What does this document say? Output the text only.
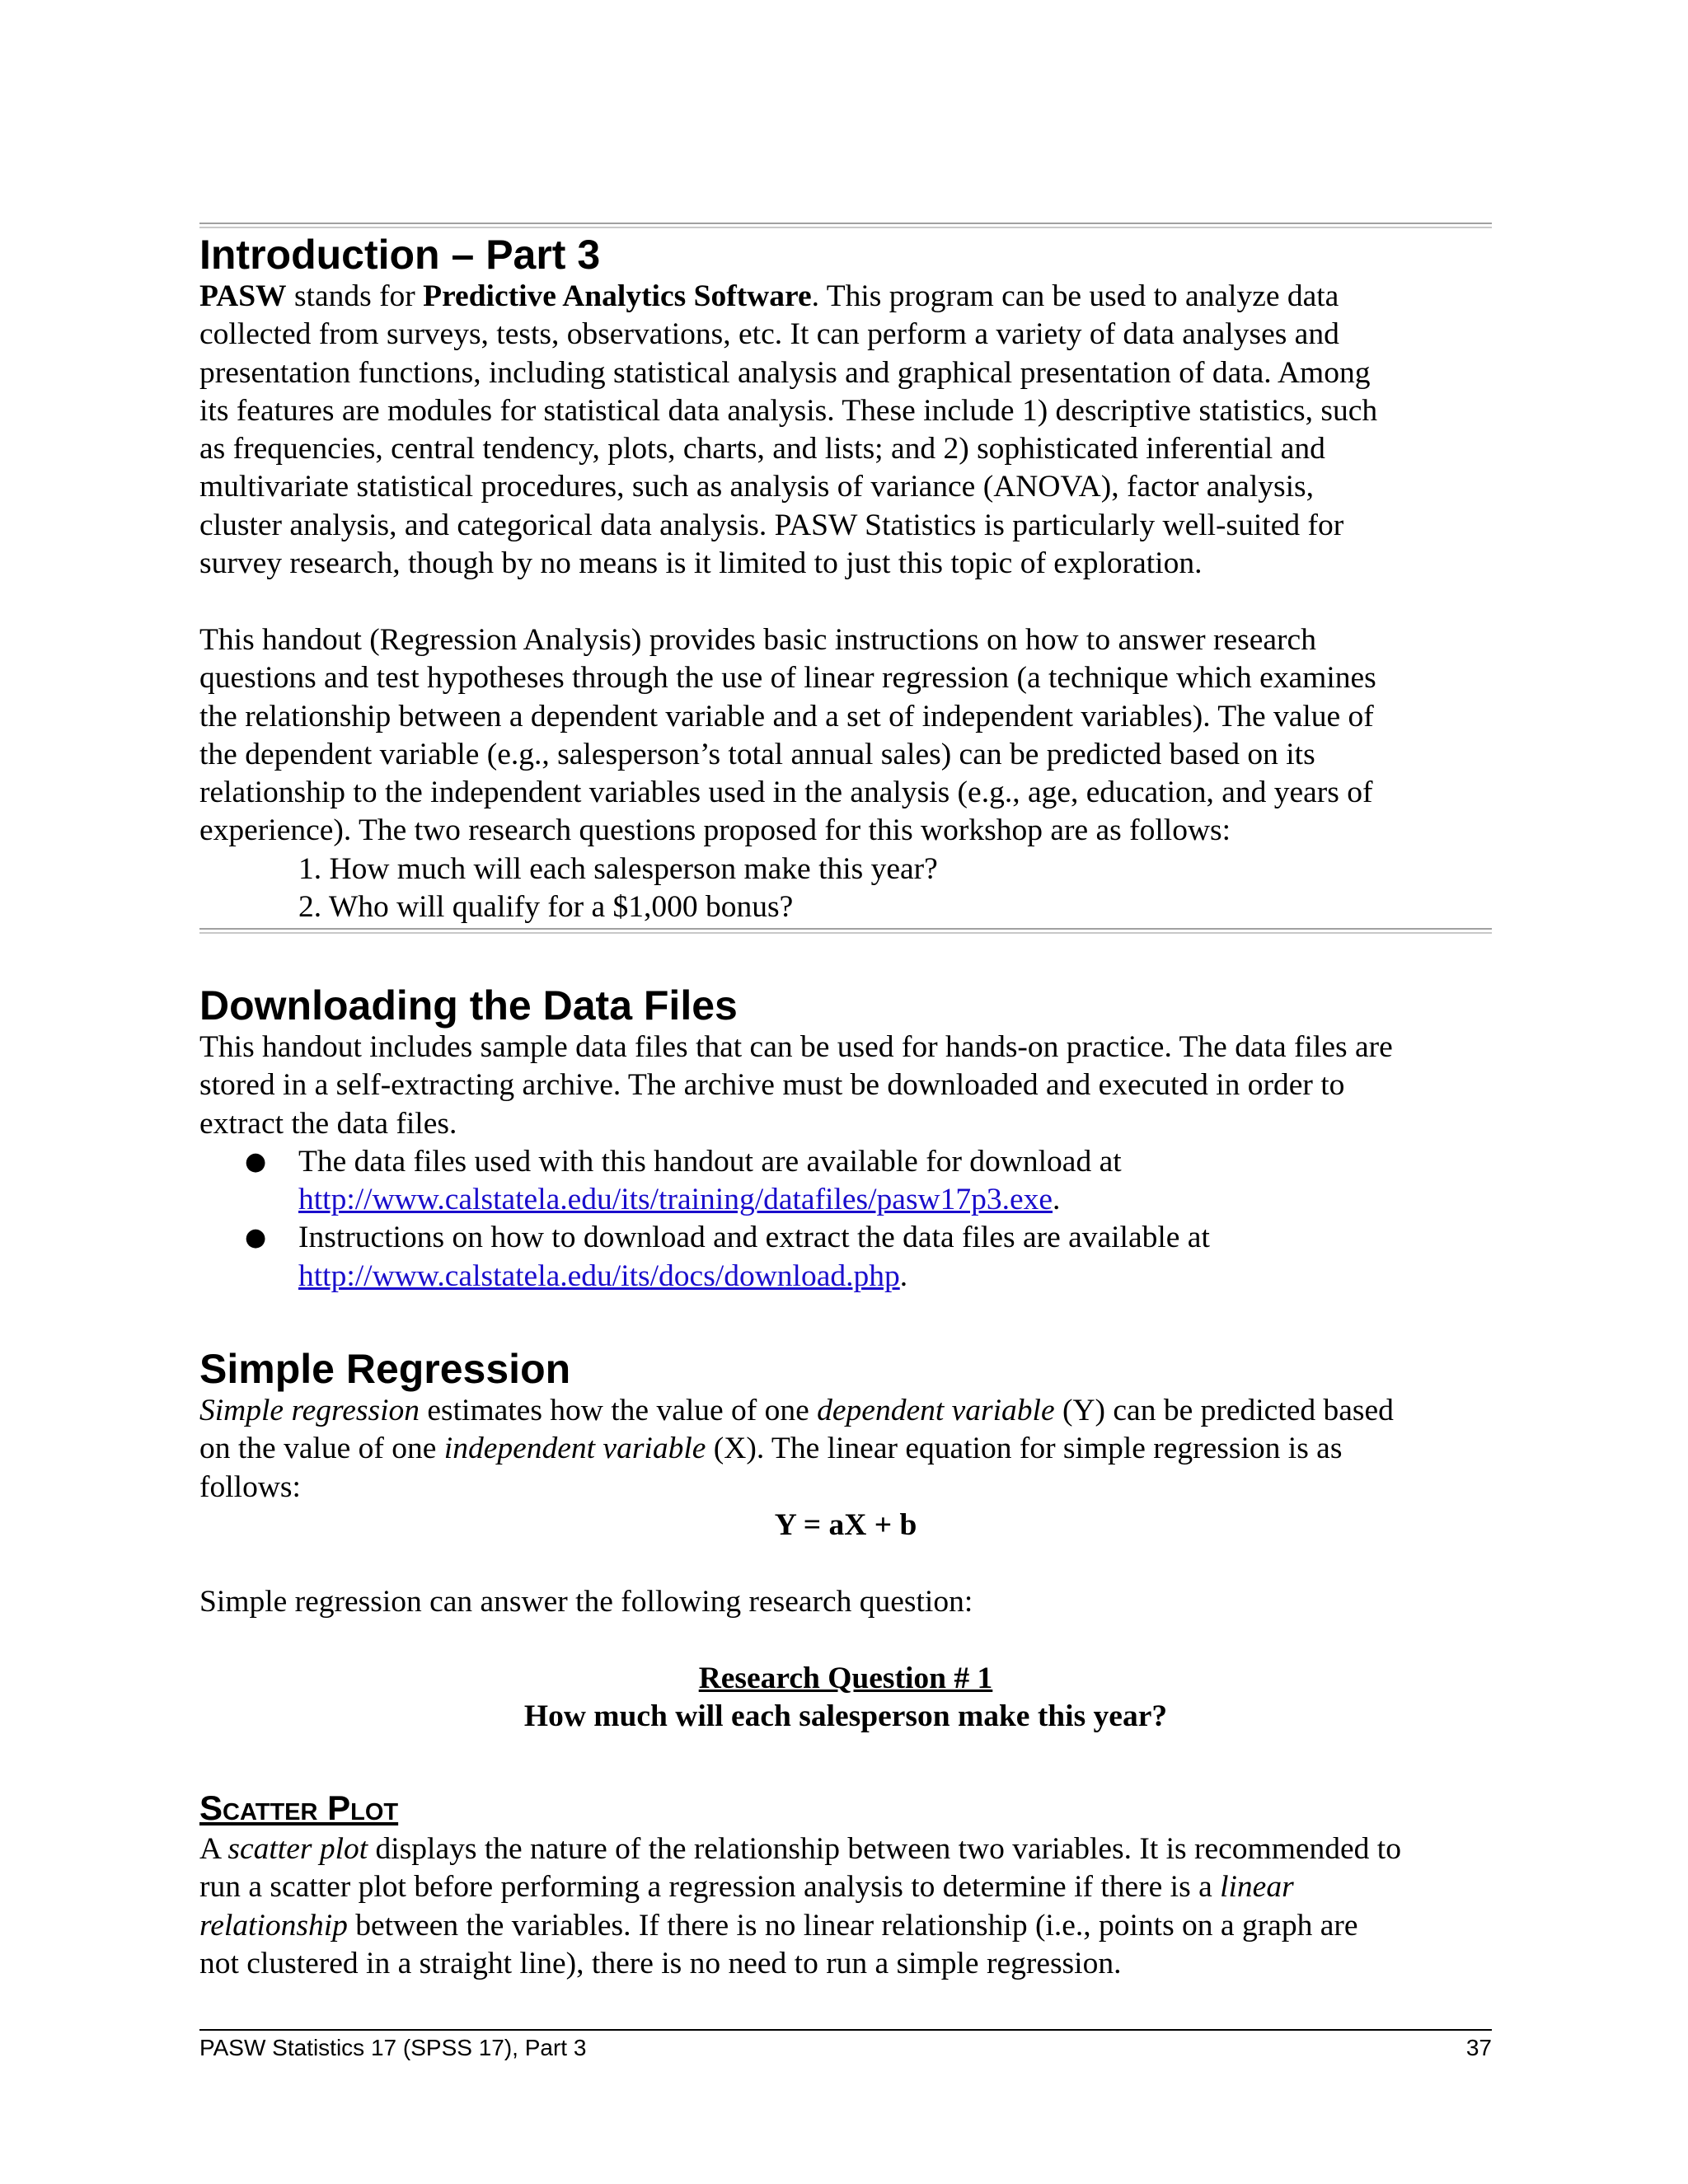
Introduction – Part 3
PASW stands for Predictive Analytics Software. This program can be used to analyze data
collected from surveys, tests, observations, etc. It can perform a variety of data analyses and
presentation functions, including statistical analysis and graphical presentation of data. Among
its features are modules for statistical data analysis. These include 1) descriptive statistics, such
as frequencies, central tendency, plots, charts, and lists; and 2) sophisticated inferential and
multivariate statistical procedures, such as analysis of variance (ANOVA), factor analysis,
cluster analysis, and categorical data analysis. PASW Statistics is particularly well-suited for
survey research, though by no means is it limited to just this topic of exploration.
This handout (Regression Analysis) provides basic instructions on how to answer research
questions and test hypotheses through the use of linear regression (a technique which examines
the relationship between a dependent variable and a set of independent variables). The value of
the dependent variable (e.g., salesperson’s total annual sales) can be predicted based on its
relationship to the independent variables used in the analysis (e.g., age, education, and years of
experience). The two research questions proposed for this workshop are as follows:
1. How much will each salesperson make this year?
2. Who will qualify for a $1,000 bonus?
Downloading the Data Files
This handout includes sample data files that can be used for hands-on practice. The data files are
stored in a self-extracting archive. The archive must be downloaded and executed in order to
extract the data files.
● The data files used with this handout are available for download at
http://www.calstatela.edu/its/training/datafiles/pasw17p3.exe.
● Instructions on how to download and extract the data files are available at
http://www.calstatela.edu/its/docs/download.php.
Simple Regression
Simple regression estimates how the value of one dependent variable (Y) can be predicted based
on the value of one independent variable (X). The linear equation for simple regression is as
follows:
Y = aX + b
Simple regression can answer the following research question:
Research Question # 1
How much will each salesperson make this year?
Scatter Plot
A scatter plot displays the nature of the relationship between two variables. It is recommended to
run a scatter plot before performing a regression analysis to determine if there is a linear
relationship between the variables. If there is no linear relationship (i.e., points on a graph are
not clustered in a straight line), there is no need to run a simple regression.
PASW Statistics 17 (SPSS 17), Part 3	37
